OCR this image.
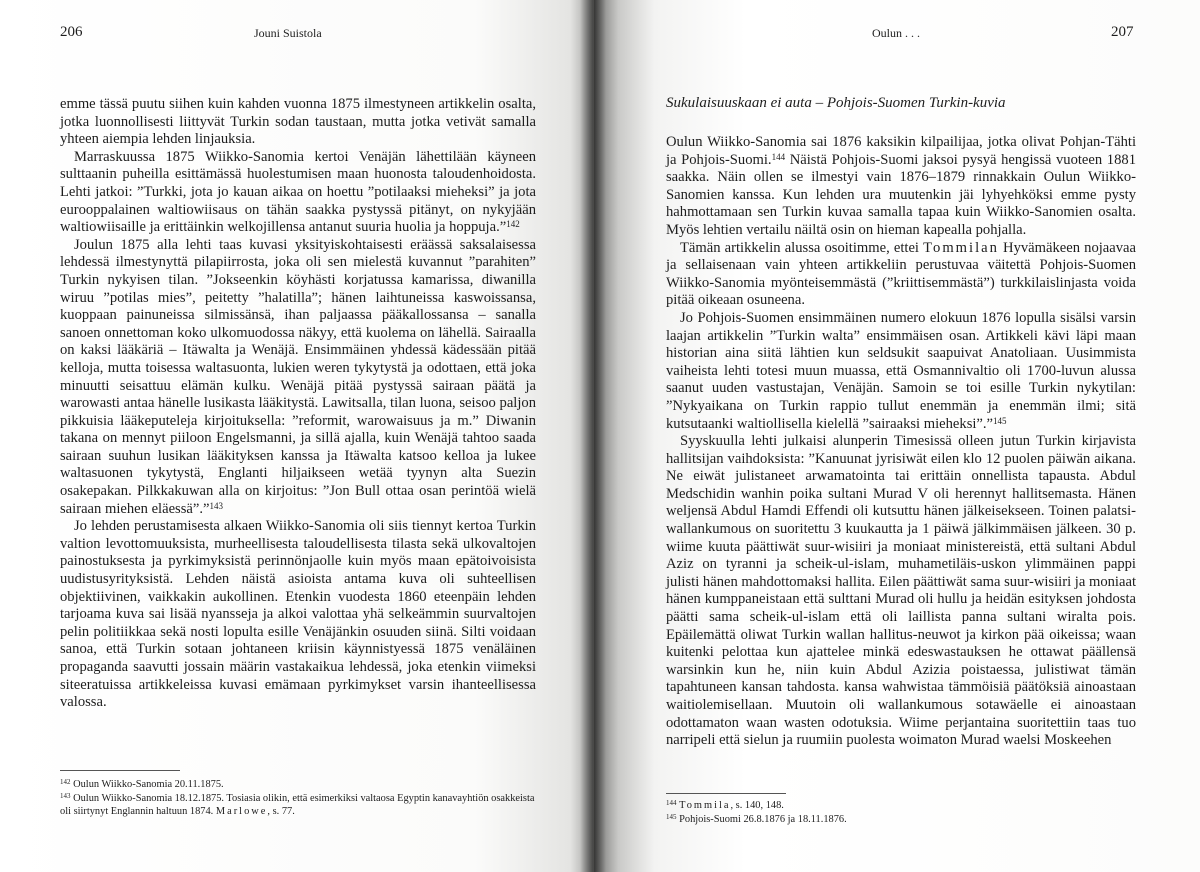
206	Jouni Suistola

emme tässä puutu siihen kuin kahden vuonna 1875 ilmestyneen artikkelin osalta, jotka luonnollisesti liittyvät Turkin sodan taustaan, mutta jotka vetivät samalla yhteen aiempia lehden linjauksia.

Marraskuussa 1875 Wiikko-Sanomia kertoi Venäjän lähettilään käyneen sulttaanin puheilla esittämässä huolestumisen maan huonosta taloudenhoidosta. Lehti jatkoi: ”Turkki, jota jo kauan aikaa on hoettu ”potilaaksi mieheksi” ja jota eurooppalainen waltiowiisaus on tähän saakka pystyssä pitänyt, on nykyjään waltiowiisaille ja erittäinkin welkojillensa antanut suuria huolia ja hoppuja.”$^{142}$

Joulun 1875 alla lehti taas kuvasi yksityiskohtaisesti eräässä saksalaisessa lehdessä ilmestynyttä pilapiirrosta, joka oli sen mielestä kuvannut ”parahiten” Turkin nykyisen tilan. ”Jokseenkin köyhästi korjatussa kamarissa, diwanilla wiruu ”potilas mies”, peitetty ”halatilla”; hänen laihtuneissa kaswoissansa, kuoppaan painuneissa silmissänsä, ihan paljaassa pääkallossansa – sanalla sanoen onnettoman koko ulkomuodossa näkyy, että kuolema on lähellä. Sairaalla on kaksi lääkäriä – Itäwalta ja Wenäjä. Ensimmäinen yhdessä kädessään pitää kelloja, mutta toisessa waltasuonta, lukien weren tykytystä ja odottaen, että joka minuutti seisattuu elämän kulku. Wenäjä pitää pystyssä sairaan päätä ja warowasti antaa hänelle lusikasta lääkitystä. Lawitsalla, tilan luona, seisoo paljon pikkuisia lääkeputeleja kirjoituksella: ”reformit, warowaisuus ja m.” Diwanin takana on mennyt piiloon Engelsmanni, ja sillä ajalla, kuin Wenäjä tahtoo saada sairaan suuhun lusikan lääkityksen kanssa ja Itäwalta katsoo kelloa ja lukee waltasuonen tykytystä, Englanti hiljaikseen wetää tyynyn alta Suezin osakepakan. Pilkkakuwan alla on kirjoitus: ”Jon Bull ottaa osan perintöä wielä sairaan miehen eläessä”.”$^{143}$

Jo lehden perustamisesta alkaen Wiikko-Sanomia oli siis tiennyt kertoa Turkin valtion levottomuuksista, murheellisesta taloudellisesta tilasta sekä ulkovaltojen painostuksesta ja pyrkimyksistä perinnönjaolle kuin myös maan epätoivoisista uudistusyrityksistä. Lehden näistä asioista antama kuva oli suhteellisen objektiivinen, vaikkakin aukollinen. Etenkin vuodesta 1860 eteenpäin lehden tarjoama kuva sai lisää nyansseja ja alkoi valottaa yhä selkeämmin suurvaltojen pelin politiikkaa sekä nosti lopulta esille Venäjänkin osuuden siinä. Silti voidaan sanoa, että Turkin sotaan johtaneen kriisin käynnistyessä 1875 venäläinen propaganda saavutti jossain määrin vastakaikua lehdessä, joka etenkin viimeksi siteeratuissa artikkeleissa kuvasi emämaan pyrkimykset varsin ihanteellisessa valossa.

$^{142}$ Oulun Wiikko-Sanomia 20.11.1875.
$^{143}$ Oulun Wiikko-Sanomia 18.12.1875. Tosiasia olikin, että esimerkiksi valtaosa Egyptin kanavayhtiön osakkeista oli siirtynyt Englannin haltuun 1874. Marlowe, s. 77.
Oulun . . .	207
Sukulaisuuskaan ei auta – Pohjois-Suomen Turkin-kuvia

Oulun Wiikko-Sanomia sai 1876 kaksikin kilpailijaa, jotka olivat Pohjan-Tähti ja Pohjois-Suomi.$^{144}$ Näistä Pohjois-Suomi jaksoi pysyä hengissä vuoteen 1881 saakka. Näin ollen se ilmestyi vain 1876–1879 rinnakkain Oulun Wiikko-Sanomien kanssa. Kun lehden ura muutenkin jäi lyhyehköksi emme pysty hahmottamaan sen Turkin kuvaa samalla tapaa kuin Wiikko-Sanomien osalta. Myös lehtien vertailu näiltä osin on hieman kapealla pohjalla.

Tämän artikkelin alussa osoitimme, ettei Tommilan Hyvämäkeen nojaavaa ja sellaisenaan vain yhteen artikkeliin perustuvaa väitettä Pohjois-Suomen Wiikko-Sanomia myönteisemmästä (”kriittisemmästä”) turkkilaislinjasta voida pitää oikeaan osuneena.

Jo Pohjois-Suomen ensimmäinen numero elokuun 1876 lopulla sisälsi varsin laajan artikkelin ”Turkin walta” ensimmäisen osan. Artikkeli kävi läpi maan historian aina siitä lähtien kun seldsukit saapuivat Anatoliaan. Uusimmista vaiheista lehti totesi muun muassa, että Osmannivaltio oli 1700-luvun alussa saanut uuden vastustajan, Venäjän. Samoin se toi esille Turkin nykytilan: ”Nykyaikana on Turkin rappio tullut enemmän ja enemmän ilmi; sitä kutsutaanki waltiollisella kielellä ”sairaaksi mieheksi”.”$^{145}$

Syyskuulla lehti julkaisi alunperin Timesissä olleen jutun Turkin kirjavista hallitsijan vaihdoksista: ”Kanuunat jyrisiwät eilen klo 12 puolen päiwän aikana. Ne eiwät julistaneet arwamatointa tai erittäin onnellista tapausta. Abdul Medschidin wanhin poika sultani Murad V oli herennyt hallitsemasta. Hänen weljensä Abdul Hamdi Effendi oli kutsuttu hänen jälkeisekseen. Toinen palatsi-wallankumous on suoritettu 3 kuukautta ja 1 päiwä jälkimmäisen jälkeen. 30 p. wiime kuuta päättiwät suur-wisiiri ja moniaat ministereistä, että sultani Abdul Aziz on tyranni ja scheik-ul-islam, muhametiläis-uskon ylimmäinen pappi julisti hänen mahdottomaksi hallita. Eilen päättiwät sama suur-wisiiri ja moniaat hänen kumppaneistaan että sulttani Murad oli hullu ja heidän esityksen johdosta päätti sama scheik-ul-islam että oli laillista panna sultani wiralta pois. Epäilemättä oliwat Turkin wallan hallitus-neuwot ja kirkon pää oikeissa; waan kuitenki pelottaa kun ajattelee minkä edeswastauksen he ottawat päällensä warsinkin kun he, niin kuin Abdul Azizia poistaessa, julistiwat tämän tapahtuneen kansan tahdosta. kansa wahwistaa tämmöisiä päätöksiä ainoastaan waitiolemisellaan. Muutoin oli wallankumous sotawäelle ei ainoastaan odottamaton waan wasten odotuksia. Wiime perjantaina suoritettiin taas tuo narripeli että sielun ja ruumiin puolesta woimaton Murad waelsi Moskeehen

$^{144}$ Tommila, s. 140, 148.
$^{145}$ Pohjois-Suomi 26.8.1876 ja 18.11.1876.
